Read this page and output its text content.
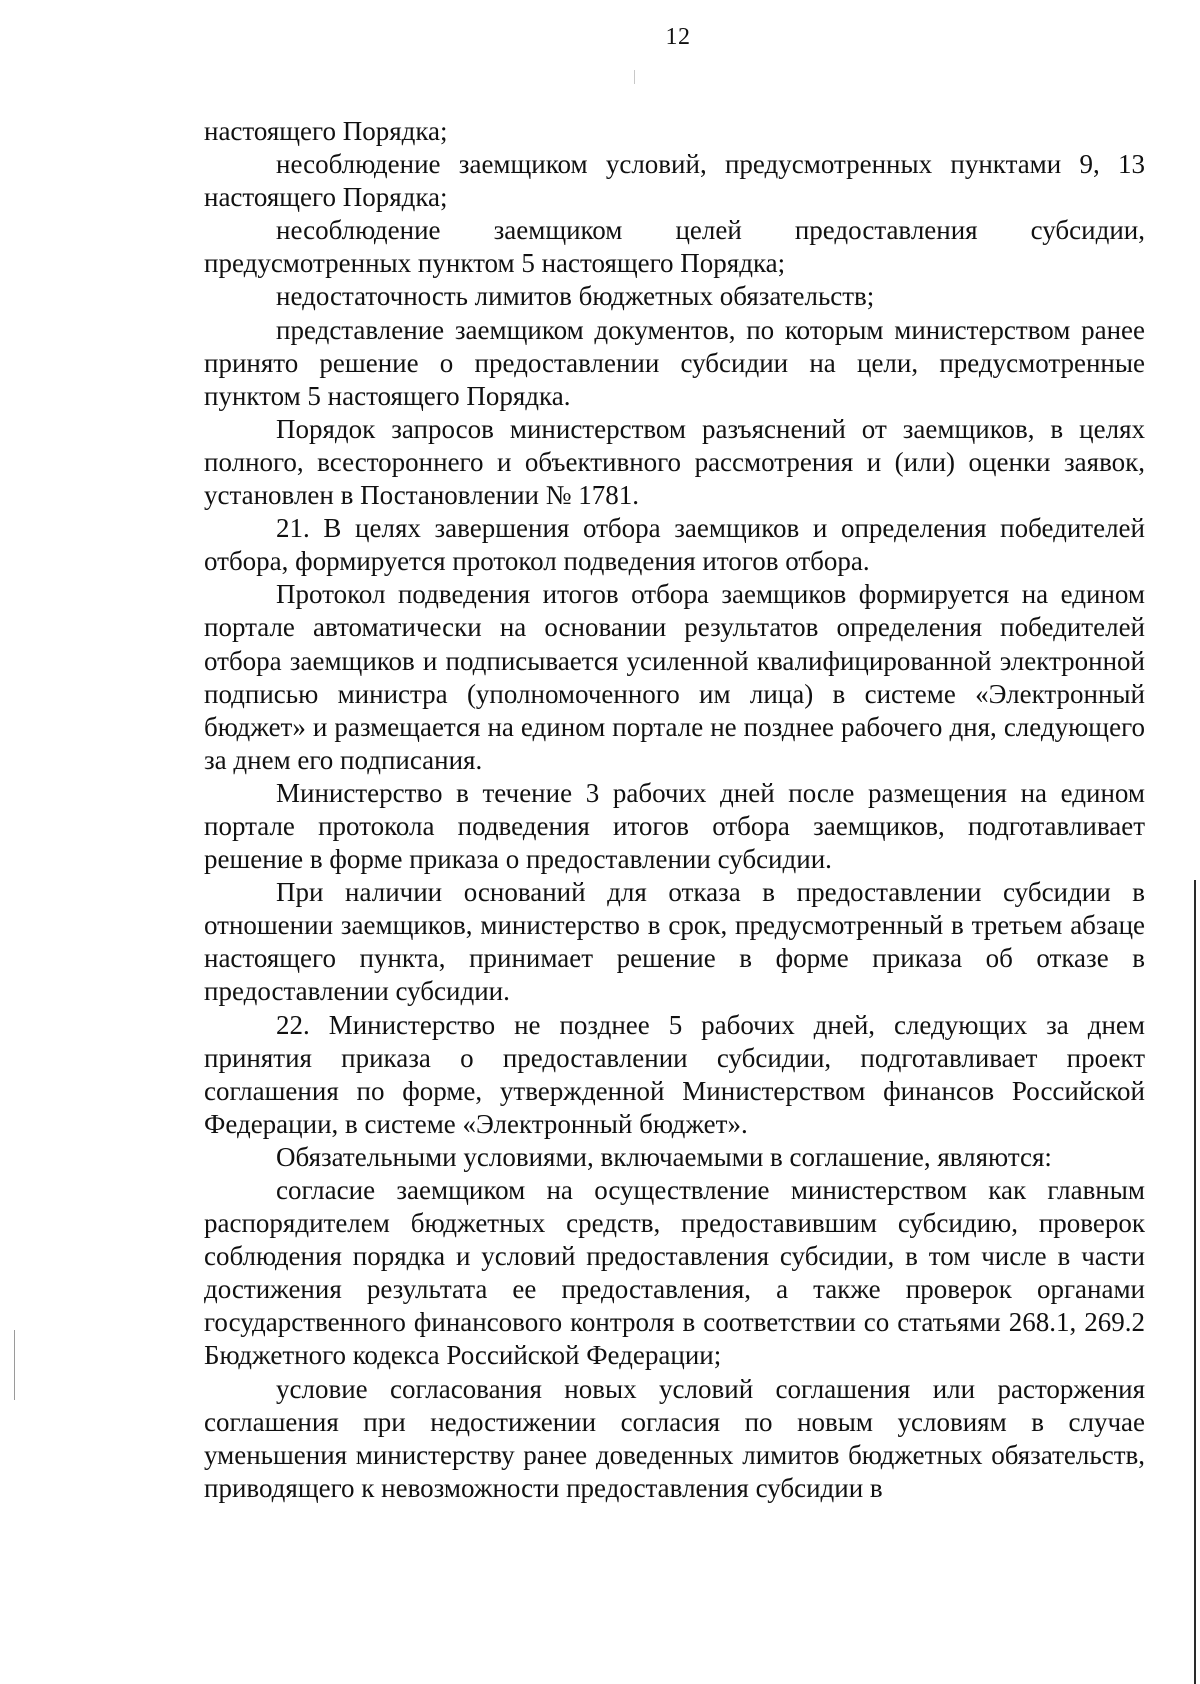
12

настоящего Порядка;

несоблюдение заемщиком условий, предусмотренных пунктами 9, 13 настоящего Порядка;

несоблюдение заемщиком целей предоставления субсидии, предусмотренных пунктом 5 настоящего Порядка;

недостаточность лимитов бюджетных обязательств;

представление заемщиком документов, по которым министерством ранее принято решение о предоставлении субсидии на цели, предусмотренные пунктом 5 настоящего Порядка.

Порядок запросов министерством разъяснений от заемщиков, в целях полного, всестороннего и объективного рассмотрения и (или) оценки заявок, установлен в Постановлении № 1781.

21. В целях завершения отбора заемщиков и определения победителей отбора, формируется протокол подведения итогов отбора.

Протокол подведения итогов отбора заемщиков формируется на едином портале автоматически на основании результатов определения победителей отбора заемщиков и подписывается усиленной квалифицированной электронной подписью министра (уполномоченного им лица) в системе «Электронный бюджет» и размещается на едином портале не позднее рабочего дня, следующего за днем его подписания.

Министерство в течение 3 рабочих дней после размещения на едином портале протокола подведения итогов отбора заемщиков, подготавливает решение в форме приказа о предоставлении субсидии.

При наличии оснований для отказа в предоставлении субсидии в отношении заемщиков, министерство в срок, предусмотренный в третьем абзаце настоящего пункта, принимает решение в форме приказа об отказе в предоставлении субсидии.

22. Министерство не позднее 5 рабочих дней, следующих за днем принятия приказа о предоставлении субсидии, подготавливает проект соглашения по форме, утвержденной Министерством финансов Российской Федерации, в системе «Электронный бюджет».

Обязательными условиями, включаемыми в соглашение, являются:

согласие заемщиком на осуществление министерством как главным распорядителем бюджетных средств, предоставившим субсидию, проверок соблюдения порядка и условий предоставления субсидии, в том числе в части достижения результата ее предоставления, а также проверок органами государственного финансового контроля в соответствии со статьями 268.1, 269.2 Бюджетного кодекса Российской Федерации;

условие согласования новых условий соглашения или расторжения соглашения при недостижении согласия по новым условиям в случае уменьшения министерству ранее доведенных лимитов бюджетных обязательств, приводящего к невозможности предоставления субсидии в
